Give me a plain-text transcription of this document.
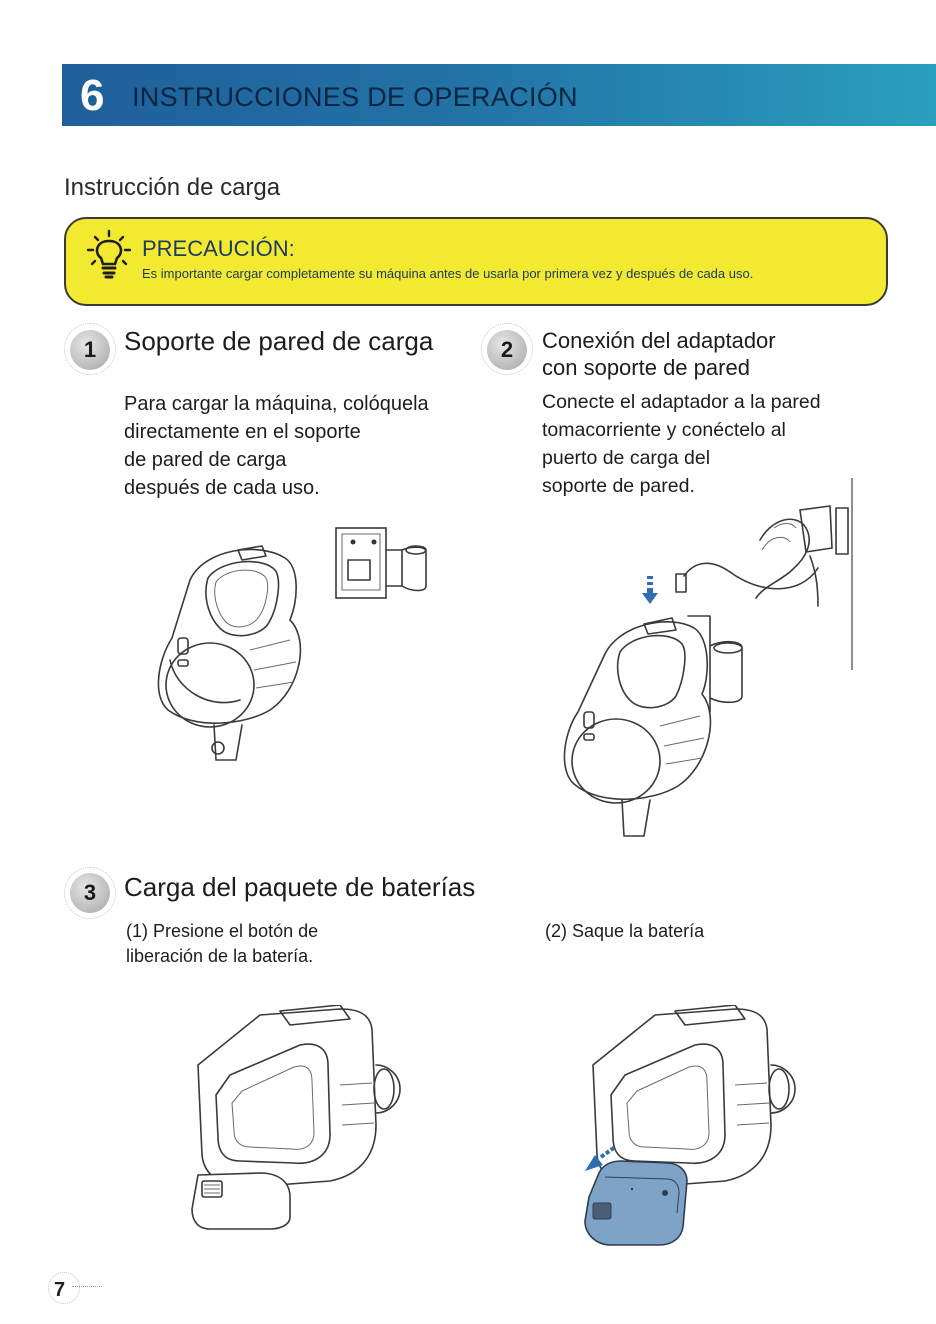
6 INSTRUCCIONES DE OPERACIÓN
Instrucción de carga
PRECAUCIÓN:
Es importante cargar completamente su máquina antes de usarla por primera vez y después de cada uso.
1	Soporte de pared de carga
Para cargar la máquina, colóquela
directamente en el soporte
de pared de carga
después de cada uso.
2	Conexión del adaptador
con soporte de pared
Conecte el adaptador a la pared
tomacorriente y conéctelo al
puerto de carga del
soporte de pared.
3	Carga del paquete de baterías
(1) Presione el botón de
liberación de la batería.
(2) Saque la batería
7
